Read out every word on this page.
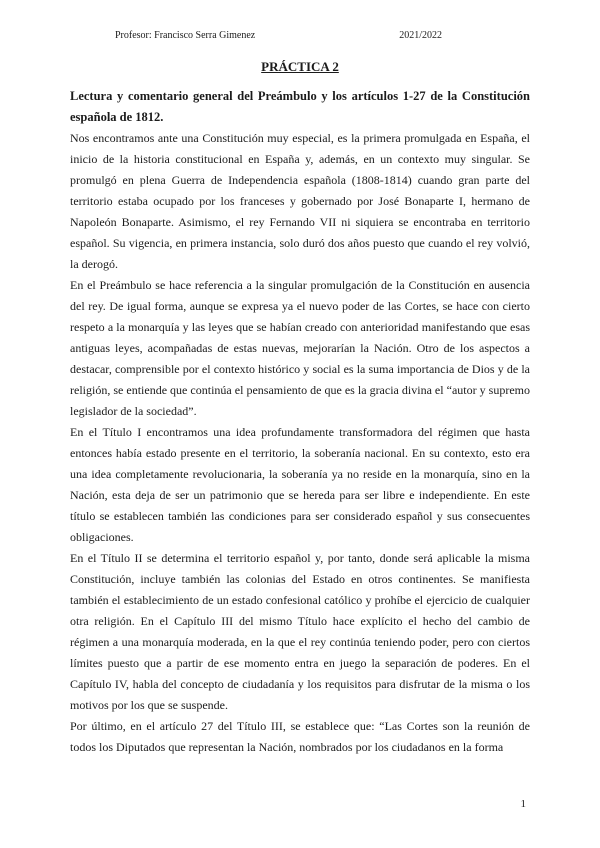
Profesor: Francisco Serra Gimenez	2021/2022
PRÁCTICA 2

Lectura y comentario general del Preámbulo y los artículos 1-27 de la Constitución española de 1812.

Nos encontramos ante una Constitución muy especial, es la primera promulgada en España, el inicio de la historia constitucional en España y, además, en un contexto muy singular. Se promulgó en plena Guerra de Independencia española (1808-1814) cuando gran parte del territorio estaba ocupado por los franceses y gobernado por José Bonaparte I, hermano de Napoleón Bonaparte. Asimismo, el rey Fernando VII ni siquiera se encontraba en territorio español. Su vigencia, en primera instancia, solo duró dos años puesto que cuando el rey volvió, la derogó.

En el Preámbulo se hace referencia a la singular promulgación de la Constitución en ausencia del rey. De igual forma, aunque se expresa ya el nuevo poder de las Cortes, se hace con cierto respeto a la monarquía y las leyes que se habían creado con anterioridad manifestando que esas antiguas leyes, acompañadas de estas nuevas, mejorarían la Nación. Otro de los aspectos a destacar, comprensible por el contexto histórico y social es la suma importancia de Dios y de la religión, se entiende que continúa el pensamiento de que es la gracia divina el “autor y supremo legislador de la sociedad”.

En el Título I encontramos una idea profundamente transformadora del régimen que hasta entonces había estado presente en el territorio, la soberanía nacional. En su contexto, esto era una idea completamente revolucionaria, la soberanía ya no reside en la monarquía, sino en la Nación, esta deja de ser un patrimonio que se hereda para ser libre e independiente. En este título se establecen también las condiciones para ser considerado español y sus consecuentes obligaciones.

En el Título II se determina el territorio español y, por tanto, donde será aplicable la misma Constitución, incluye también las colonias del Estado en otros continentes. Se manifiesta también el establecimiento de un estado confesional católico y prohíbe el ejercicio de cualquier otra religión. En el Capítulo III del mismo Título hace explícito el hecho del cambio de régimen a una monarquía moderada, en la que el rey continúa teniendo poder, pero con ciertos límites puesto que a partir de ese momento entra en juego la separación de poderes. En el Capítulo IV, habla del concepto de ciudadanía y los requisitos para disfrutar de la misma o los motivos por los que se suspende.

Por último, en el artículo 27 del Título III, se establece que: “Las Cortes son la reunión de todos los Diputados que representan la Nación, nombrados por los ciudadanos en la forma

1
